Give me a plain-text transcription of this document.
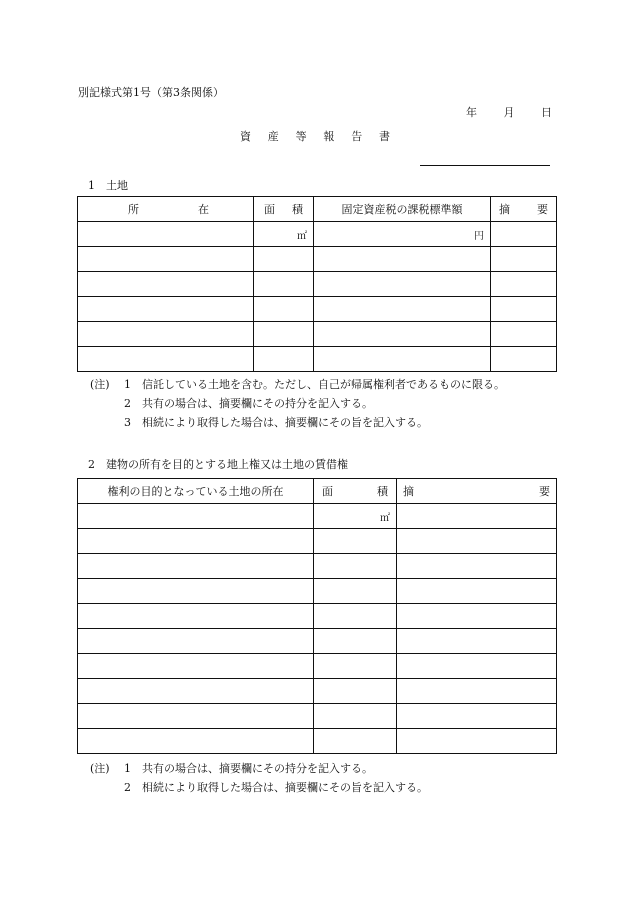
別記様式第1号（第3条関係）
年 月 日
資 産 等 報 告 書
1　土地
所 在	面 積	固定資産税の課税標準額	摘 要

	㎡	円	

(注) 1 信託している土地を含む。ただし、自己が帰属権利者であるものに限る。
2 共有の場合は、摘要欄にその持分を記入する。
3 相続により取得した場合は、摘要欄にその旨を記入する。
2　建物の所有を目的とする地上権又は土地の賃借権
権利の目的となっている土地の所在	面 積	摘 要

	㎡	

(注) 1 共有の場合は、摘要欄にその持分を記入する。
2 相続により取得した場合は、摘要欄にその旨を記入する。
